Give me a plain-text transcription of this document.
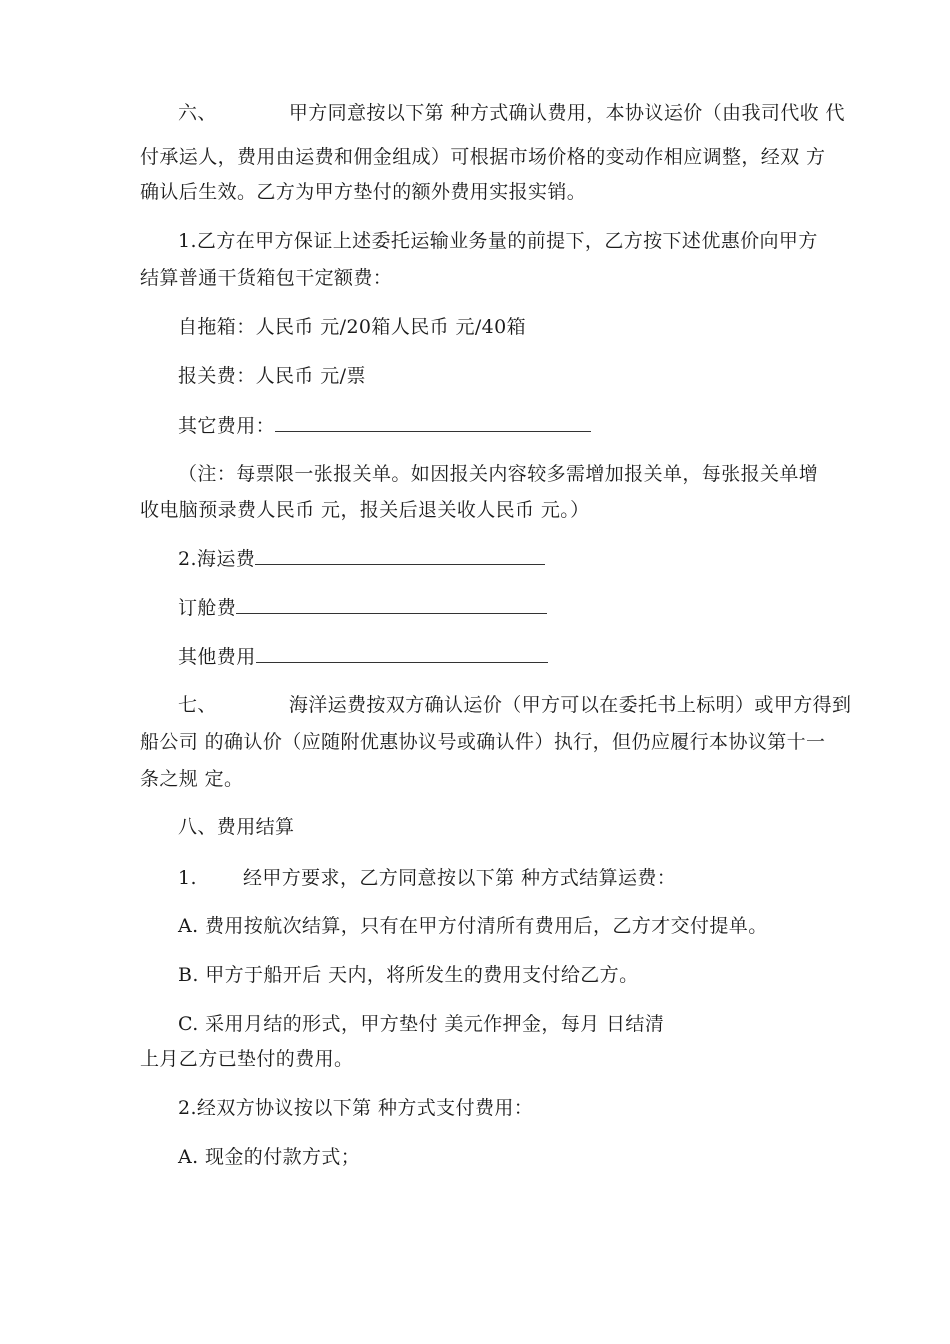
六、	甲方同意按以下第 种方式确认费用，本协议运价（由我司代收 代
付承运人，费用由运费和佣金组成）可根据市场价格的变动作相应调整，经双 方
确认后生效。乙方为甲方垫付的额外费用实报实销。
1.乙方在甲方保证上述委托运输业务量的前提下，乙方按下述优惠价向甲方
结算普通干货箱包干定额费：
自拖箱：人民币 元/20箱人民币 元/40箱
报关费：人民币 元/票
其它费用：
（注：每票限一张报关单。如因报关内容较多需增加报关单，每张报关单增
收电脑预录费人民币 元，报关后退关收人民币 元。）
2.海运费
订舱费
其他费用
七、	海洋运费按双方确认运价（甲方可以在委托书上标明）或甲方得到
船公司 的确认价（应随附优惠协议号或确认件）执行，但仍应履行本协议第十一
条之规 定。
八、费用结算
1. 经甲方要求，乙方同意按以下第 种方式结算运费：
A. 费用按航次结算，只有在甲方付清所有费用后，乙方才交付提单。
B. 甲方于船开后 天内，将所发生的费用支付给乙方。
C. 采用月结的形式，甲方垫付 美元作押金，每月 日结清
上月乙方已垫付的费用。
2.经双方协议按以下第 种方式支付费用：
A. 现金的付款方式；
